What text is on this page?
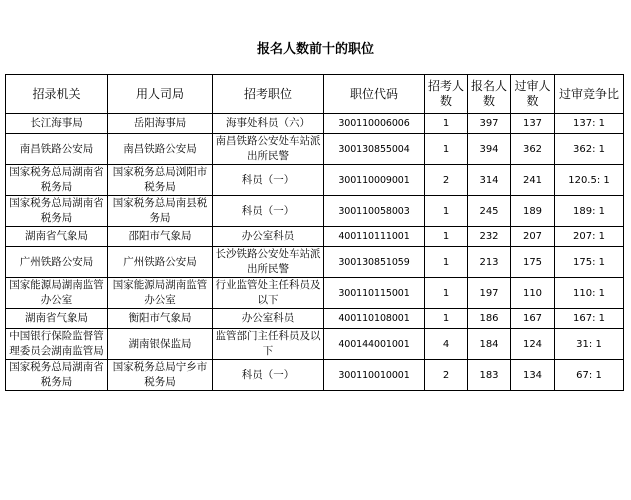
报名人数前十的职位
招录机关	用人司局	招考职位	职位代码	招考人数	报名人数	过审人数	过审竞争比
长江海事局	岳阳海事局	海事处科员（六）	300110006006	1	397	137	137: 1
南昌铁路公安局	南昌铁路公安局	南昌铁路公安处车站派出所民警	300130855004	1	394	362	362: 1
国家税务总局湖南省税务局	国家税务总局浏阳市税务局	科员（一）	300110009001	2	314	241	120.5: 1
国家税务总局湖南省税务局	国家税务总局南县税务局	科员（一）	300110058003	1	245	189	189: 1
湖南省气象局	邵阳市气象局	办公室科员	400110111001	1	232	207	207: 1
广州铁路公安局	广州铁路公安局	长沙铁路公安处车站派出所民警	300130851059	1	213	175	175: 1
国家能源局湖南监管办公室	国家能源局湖南监管办公室	行业监管处主任科员及以下	300110115001	1	197	110	110: 1
湖南省气象局	衡阳市气象局	办公室科员	400110108001	1	186	167	167: 1
中国银行保险监督管理委员会湖南监管局	湖南银保监局	监管部门主任科员及以下	400144001001	4	184	124	31: 1
国家税务总局湖南省税务局	国家税务总局宁乡市税务局	科员（一）	300110010001	2	183	134	67: 1
